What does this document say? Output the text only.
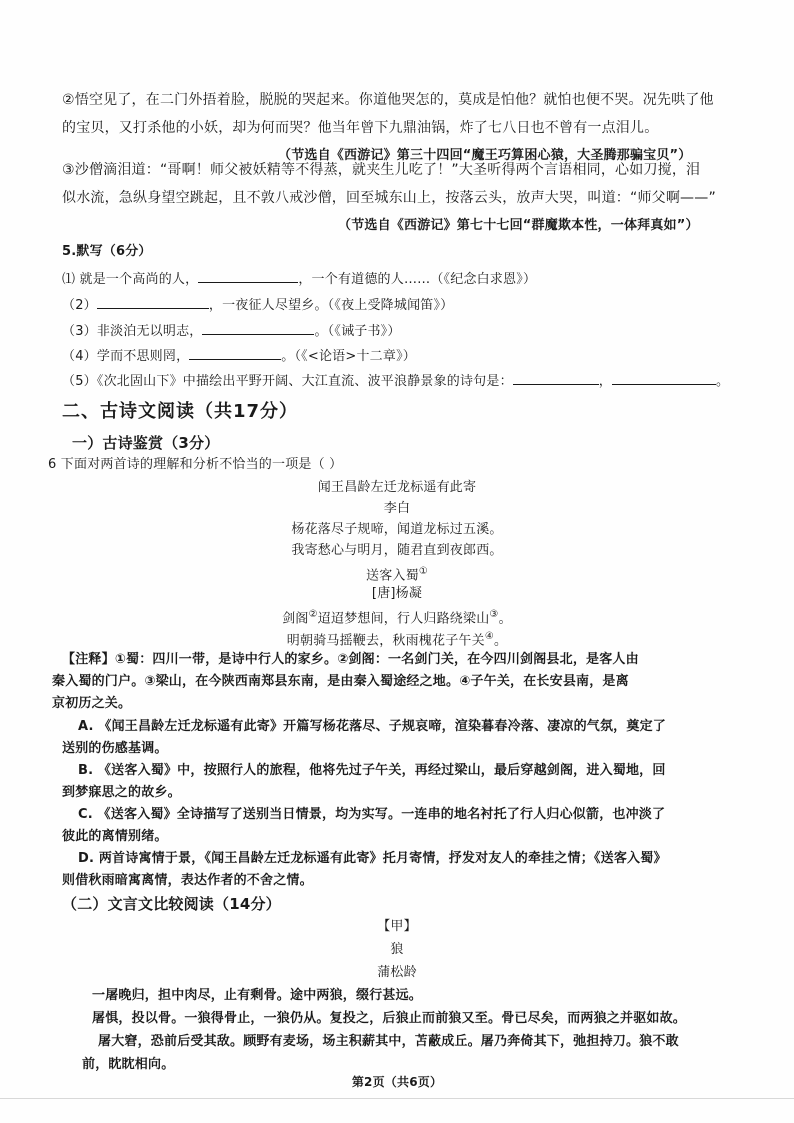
②悟空见了，在二门外捂着脸，脱脱的哭起来。你道他哭怎的，莫成是怕他？就怕也便不哭。况先哄了他
的宝贝，又打杀他的小妖，却为何而哭？他当年曾下九鼎油锅，炸了七八日也不曾有一点泪儿。
（节选自《西游记》第三十四回“魔王巧算困心猿，大圣腾那骗宝贝”）
③沙僧滴泪道：“哥啊！师父被妖精等不得蒸，就夹生儿吃了！”大圣听得两个言语相同，心如刀搅，泪
似水流，急纵身望空跳起，且不敦八戒沙僧，回至城东山上，按落云头，放声大哭，叫道：“师父啊——”
（节选自《西游记》第七十七回“群魔欺本性，一体拜真如”）
5.默写（6分）
⑴ 就是一个高尚的人，	，一个有道德的人……（《纪念白求恩》）
（2）	，一夜征人尽望乡。（《夜上受降城闻笛》）
（3）非淡泊无以明志，	。（《诫子书》）
（4）学而不思则罔，	。（《<论语>十二章》）
（5）《次北固山下》中描绘出平野开阔、大江直流、波平浪静景象的诗句是：	，	。
二、古诗文阅读（共17分）
一）古诗鉴赏（3分）
6 下面对两首诗的理解和分析不恰当的一项是（ ）
闻王昌龄左迁龙标遥有此寄
李白
杨花落尽子规啼，闻道龙标过五溪。
我寄愁心与明月，随君直到夜郎西。
送客入蜀①
[唐]杨凝
剑阁②迢迢梦想间，行人归路绕梁山③。
明朝骑马摇鞭去，秋雨槐花子午关④。
【注释】①蜀：四川一带，是诗中行人的家乡。②剑阁：一名剑门关，在今四川剑阁县北，是客人由
秦入蜀的门户。③梁山，在今陕西南郑县东南，是由秦入蜀途经之地。④子午关，在长安县南，是离
京初历之关。
A. 《闻王昌龄左迁龙标遥有此寄》开篇写杨花落尽、子规哀啼，渲染暮春冷落、凄凉的气氛，奠定了
送别的伤感基调。
B. 《送客入蜀》中，按照行人的旅程，他将先过子午关，再经过梁山，最后穿越剑阁，进入蜀地，回
到梦寐思之的故乡。
C. 《送客入蜀》全诗描写了送别当日情景，均为实写。一连串的地名衬托了行人归心似箭，也冲淡了
彼此的离情别绪。
D. 两首诗寓情于景，《闻王昌龄左迁龙标遥有此寄》托月寄情，抒发对友人的牵挂之情；《送客入蜀》
则借秋雨暗寓离情，表达作者的不舍之情。
（二）文言文比较阅读（14分）
【甲】
狼
蒲松龄
一屠晚归，担中肉尽，止有剩骨。途中两狼，缀行甚远。
屠惧，投以骨。一狼得骨止，一狼仍从。复投之，后狼止而前狼又至。骨已尽矣，而两狼之并驱如故。
屠大窘，恐前后受其敌。顾野有麦场，场主积薪其中，苫蔽成丘。屠乃奔倚其下，弛担持刀。狼不敢
前，眈眈相向。
第2页（共6页）
